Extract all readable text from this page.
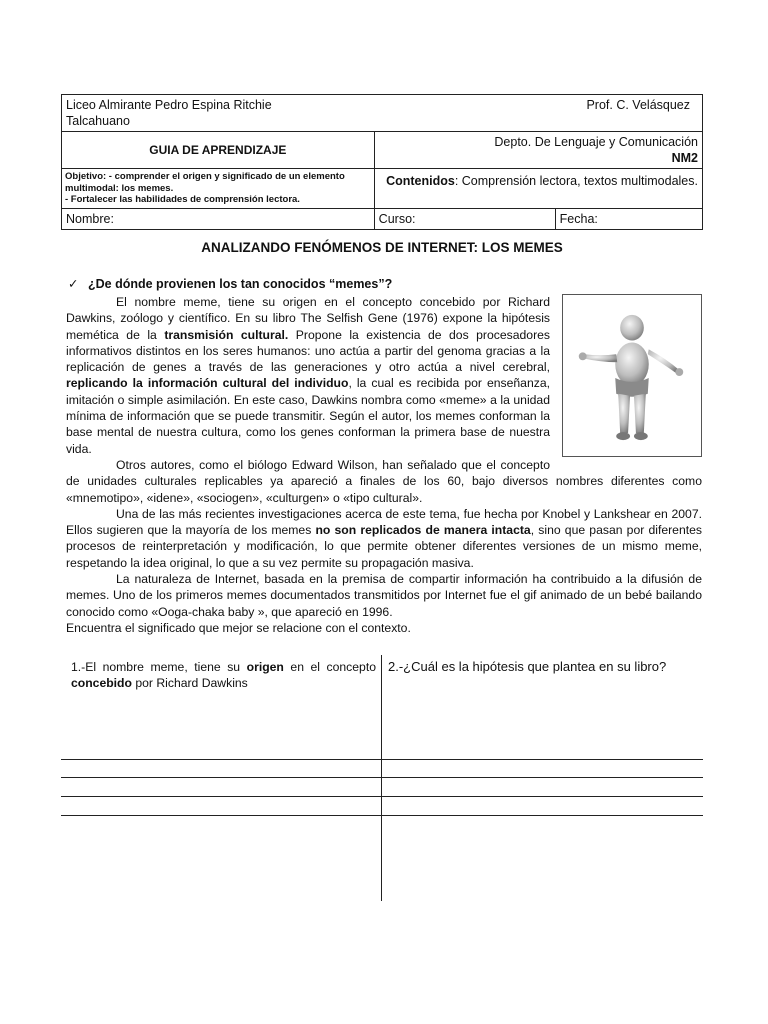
Liceo Almirante Pedro Espina Ritchie
Talcahuano	Prof. C. Velásquez	
GUIA DE APRENDIZAJE	Depto. De Lenguaje y Comunicación
NM2	

Objetivo: - comprender el origen y significado de un elemento multimodal: los memes.
- Fortalecer las habilidades de comprensión lectora.	Contenidos: Comprensión lectora, textos multimodales.	
Nombre:	Curso:	Fecha:
ANALIZANDO FENÓMENOS DE INTERNET: LOS MEMES
✓ ¿De dónde provienen los tan conocidos “memes”?

El nombre meme, tiene su origen en el concepto concebido por Richard Dawkins, zoólogo y científico. En su libro The Selfish Gene (1976) expone la hipótesis memética de la transmisión cultural. Propone la existencia de dos procesadores informativos distintos en los seres humanos: uno actúa a partir del genoma gracias a la replicación de genes a través de las generaciones y otro actúa a nivel cerebral, replicando la información cultural del individuo, la cual es recibida por enseñanza, imitación o simple asimilación. En este caso, Dawkins nombra como «meme» a la unidad mínima de información que se puede transmitir. Según el autor, los memes conforman la base mental de nuestra cultura, como los genes conforman la primera base de nuestra vida.

Otros autores, como el biólogo Edward Wilson, han señalado que el concepto de unidades culturales replicables ya apareció a finales de los 60, bajo diversos nombres diferentes como «mnemotipo», «idene», «sociogen», «culturgen» o «tipo cultural».

Una de las más recientes investigaciones acerca de este tema, fue hecha por Knobel y Lankshear en 2007. Ellos sugieren que la mayoría de los memes no son replicados de manera intacta, sino que pasan por diferentes procesos de reinterpretación y modificación, lo que permite obtener diferentes versiones de un mismo meme, respetando la idea original, lo que a su vez permite su propagación masiva.

La naturaleza de Internet, basada en la premisa de compartir información ha contribuido a la difusión de memes. Uno de los primeros memes documentados transmitidos por Internet fue el gif animado de un bebé bailando conocido como «Ooga-chaka baby », que apareció en 1996.

Encuentra el significado que mejor se relacione con el contexto.
1.-El nombre meme, tiene su origen en el concepto concebido por Richard Dawkins
2.-¿Cuál es la hipótesis que plantea en su libro?
